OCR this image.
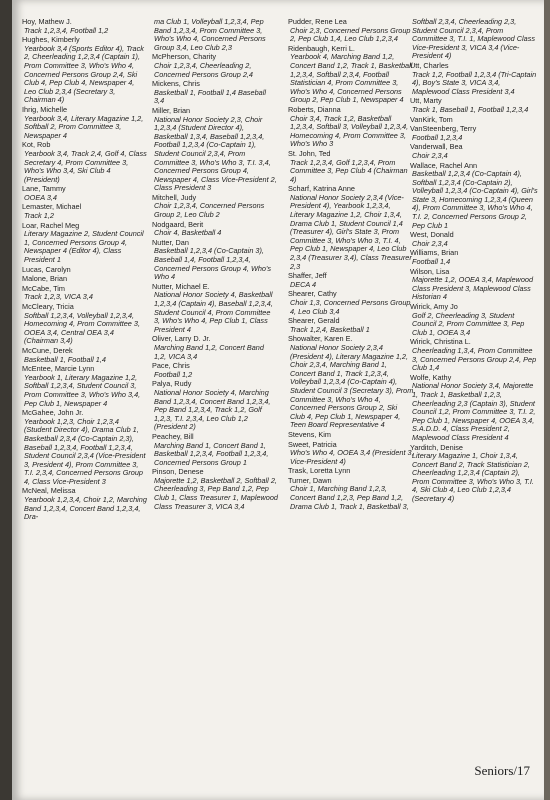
Hoy, Mathew J.
Track 1,2,3,4, Football 1,2
Hughes, Kimberly
Yearbook 3,4 (Sports Editor 4), Track 2, Cheerleading 1,2,3,4 (Captain 1), Prom Committee 3, Who's Who 4, Concerned Persons Group 2,4, Ski Club 4, Pep Club 4, Newspaper 4, Leo Club 2,3,4 (Secretary 3, Chairman 4)
Ihrig, Michelle
Yearbook 3,4, Literary Magazine 1,2, Softball 2, Prom Committee 3, Newspaper 4
Kot, Rob
Yearbook 3,4, Track 2,4, Golf 4, Class Secretary 4, Prom Committee 3, Who's Who 3,4, Ski Club 4 (President)
Lane, Tammy
OOEA 3,4
Lemaster, Michael
Track 1,2
Loar, Rachel Meg
Literary Magazine 2, Student Council 1, Concerned Persons Group 4, Newspaper 4 (Editor 4), Class President 1
Lucas, Carolyn
Malone, Brian
McCabe, Tim
Track 1,2,3, VICA 3,4
McCleary, Tricia
Softball 1,2,3,4, Volleyball 1,2,3,4, Homecoming 4, Prom Committee 3, OOEA 3,4, Central OEA 3,4 (Chairman 3,4)
McCune, Derek
Basketball 1, Football 1,4
McEntee, Marcie Lynn
Yearbook 1, Literary Magazine 1,2, Softball 1,2,3,4, Student Council 3, Prom Committee 3, Who's Who 3,4, Pep Club 1, Newspaper 4
McGahee, John Jr.
Yearbook 1,2,3, Choir 1,2,3,4 (Student Director 4), Drama Club 1, Basketball 2,3,4 (Co-Captain 2,3), Baseball 1,2,3,4, Football 1,2,3,4, Student Council 2,3,4 (Vice-President 3, President 4), Prom Committee 3, T.I. 2,3,4, Concerned Persons Group 4, Class Vice-President 3
McNeal, Melissa
Yearbook 1,2,3,4, Choir 1,2, Marching Band 1,2,3,4, Concert Band 1,2,3,4, Dra-
ma Club 1, Volleyball 1,2,3,4, Pep Band 1,2,3,4, Prom Committee 3, Who's Who 4, Concerned Persons Group 3,4, Leo Club 2,3
McPherson, Charity
Choir 1,2,3,4, Cheerleading 2, Concerned Persons Group 2,4
Mickens, Chris
Basketball 1, Football 1,4 Baseball 3,4
Miller, Brian
National Honor Society 2,3, Choir 1,2,3,4 (Student Director 4), Basketball 1,3,4, Baseball 1,2,3,4, Football 1,2,3,4 (Co-Captain 1), Student Council 2,3,4, Prom Committee 3, Who's Who 3, T.I. 3,4, Concerned Persons Group 4, Newspaper 4, Class Vice-President 2, Class President 3
Mitchell, Judy
Choir 1,2,3,4, Concerned Persons Group 2, Leo Club 2
Nodgaard, Berit
Choir 4, Basketball 4
Nutter, Dan
Basketball 1,2,3,4 (Co-Captain 3), Baseball 1,4, Football 1,2,3,4, Concerned Persons Group 4, Who's Who 4
Nutter, Michael E.
National Honor Society 4, Basketball 1,2,3,4 (Captain 4), Baseball 1,2,3,4, Student Council 4, Prom Committee 3, Who's Who 4, Pep Club 1, Class President 4
Oliver, Larry D. Jr.
Marching Band 1,2, Concert Band 1,2, VICA 3,4
Pace, Chris
Football 1,2
Palya, Rudy
National Honor Society 4, Marching Band 1,2,3,4, Concert Band 1,2,3,4, Pep Band 1,2,3,4, Track 1,2, Golf 1,2,3, T.I. 2,3,4, Leo Club 1,2 (President 2)
Peachey, Bill
Marching Band 1, Concert Band 1, Basketball 1,2,3,4, Football 1,2,3,4, Concerned Persons Group 1
Pinson, Denese
Majorette 1,2, Basketball 2, Softball 2, Cheerleading 3, Pep Band 1,2, Pep Club 1, Class Treasurer 1, Maplewood Class Treasurer 3, VICA 3,4
Pudder, Rene Lea
Choir 2,3, Concerned Persons Group 2, Pep Club 1,4, Leo Club 1,2,3,4
Ridenbaugh, Kerri L.
Yearbook 4, Marching Band 1,2, Concert Band 1,2, Track 1, Basketball 1,2,3,4, Softball 2,3,4, Football Statistician 4, Prom Committee 3, Who's Who 4, Concerned Persons Group 2, Pep Club 1, Newspaper 4
Roberts, Dianna
Choir 3,4, Track 1,2, Basketball 1,2,3,4, Softball 3, Volleyball 1,2,3,4, Homecoming 4, Prom Committee 3, Who's Who 3
St. John, Ted
Track 1,2,3,4, Golf 1,2,3,4, Prom Committee 3, Pep Club 4 (Chairman 4)
Scharf, Katrina Anne
National Honor Society 2,3,4 (Vice-President 4), Yearbook 1,2,3,4, Literary Magazine 1,2, Choir 1,3,4, Drama Club 1, Student Council 1,4 (Treasurer 4), Girl's State 3, Prom Committee 3, Who's Who 3, T.I. 4, Pep Club 1, Newspaper 4, Leo Club 2,3,4 (Treasurer 3,4), Class Treasurer 2,3
Shaffer, Jeff
DECA 4
Shearer, Cathy
Choir 1,3, Concerned Persons Group 4, Leo Club 3,4
Shearer, Gerald
Track 1,2,4, Basketball 1
Showalter, Karen E.
National Honor Society 2,3,4 (President 4), Literary Magazine 1,2, Choir 2,3,4, Marching Band 1, Concert Band 1, Track 1,2,3,4, Volleyball 1,2,3,4 (Co-Captain 4), Student Council 3 (Secretary 3), Prom Committee 3, Who's Who 4, Concerned Persons Group 2, Ski Club 4, Pep Club 1, Newspaper 4, Teen Board Representative 4
Stevens, Kim
Sweet, Patricia
Who's Who 4, OOEA 3,4 (President 3, Vice-President 4)
Trask, Loretta Lynn
Turner, Dawn
Choir 1, Marching Band 1,2,3, Concert Band 1,2,3, Pep Band 1,2, Drama Club 1, Track 1, Basketball 3,
Softball 2,3,4, Cheerleading 2,3, Student Council 2,3,4, Prom Committee 3, T.I. 1, Maplewood Class Vice-President 3, VICA 3,4 (Vice-President 4)
Utt, Charles
Track 1,2, Football 1,2,3,4 (Tri-Captain 4), Boy's State 3, VICA 3,4, Maplewood Class President 3,4
Utt, Marty
Track 1, Baseball 1, Football 1,2,3,4
VanKirk, Tom
VanSteenberg, Terry
Football 1,2,3,4
Vanderwall, Bea
Choir 2,3,4
Wallace, Rachel Ann
Basketball 1,2,3,4 (Co-Captain 4), Softball 1,2,3,4 (Co-Captain 2), Volleyball 1,2,3,4 (Co-Captain 4), Girl's State 3, Homecoming 1,2,3,4 (Queen 4), Prom Committee 3, Who's Who 4, T.I. 2, Concerned Persons Group 2, Pep Club 1
West, Donald
Choir 2,3,4
Williams, Brian
Football 1,4
Wilson, Lisa
Majorette 1,2, OOEA 3,4, Maplewood Class President 3, Maplewood Class Historian 4
Wirick, Amy Jo
Golf 2, Cheerleading 3, Student Council 2, Prom Committee 3, Pep Club 1, OOEA 3,4
Wirick, Christina L.
Cheerleading 1,3,4, Prom Committee 3, Concerned Persons Group 2,4, Pep Club 1,4
Wolfe, Kathy
National Honor Society 3,4, Majorette 1, Track 1, Basketball 1,2,3, Cheerleading 2,3 (Captain 3), Student Council 1,2, Prom Committee 3, T.I. 2, Pep Club 1, Newspaper 4, OOEA 3,4, S.A.D.D. 4, Class President 2, Maplewood Class President 4
Yarditch, Denise
Literary Magazine 1, Choir 1,3,4, Concert Band 2, Track Statistician 2, Cheerleading 1,2,3,4 (Captain 2), Prom Committee 3, Who's Who 3, T.I. 4, Ski Club 4, Leo Club 1,2,3,4 (Secretary 4)
Seniors/17
